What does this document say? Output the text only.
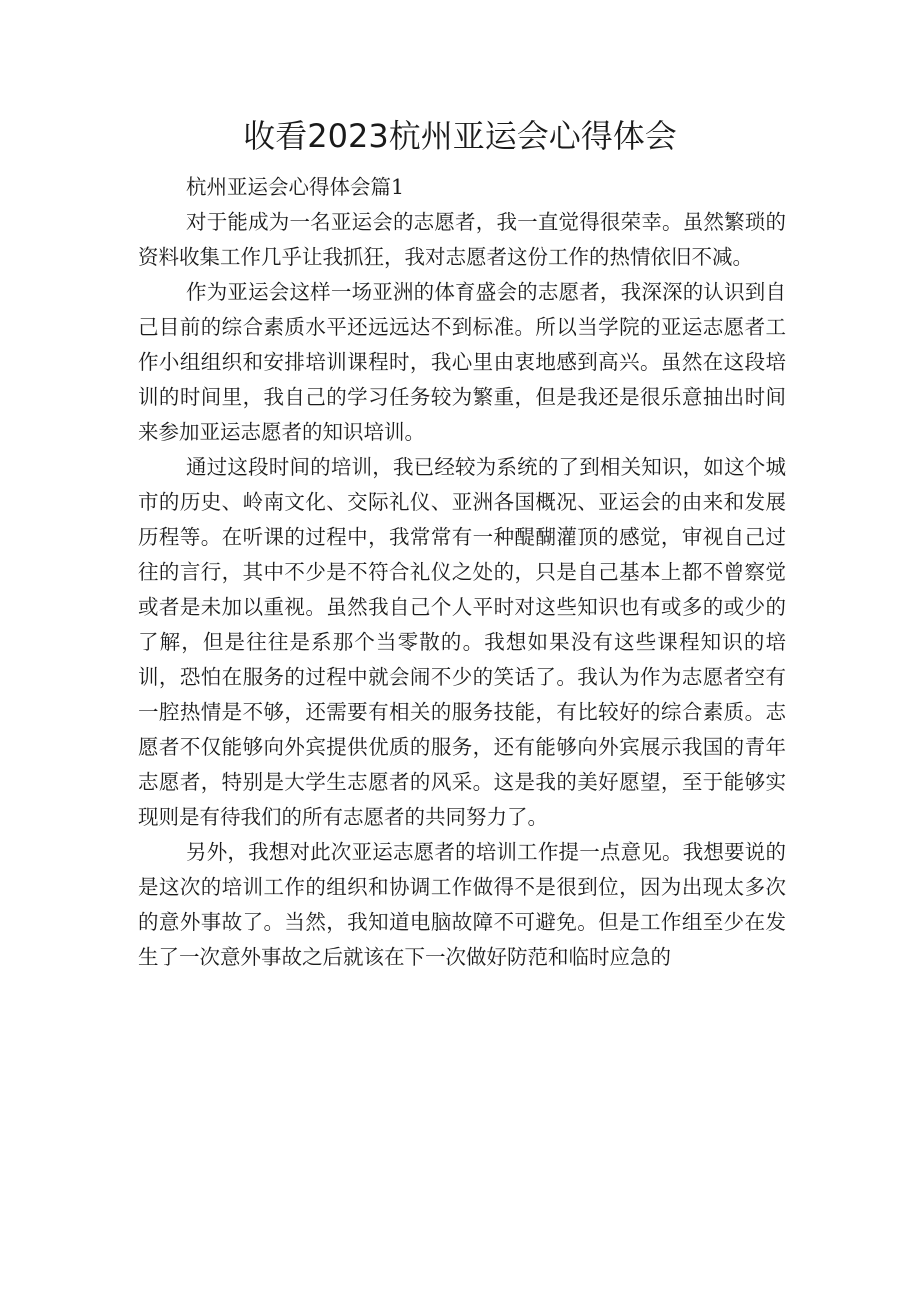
收看2023杭州亚运会心得体会

杭州亚运会心得体会篇1

对于能成为一名亚运会的志愿者，我一直觉得很荣幸。虽然繁琐的资料收集工作几乎让我抓狂，我对志愿者这份工作的热情依旧不减。

作为亚运会这样一场亚洲的体育盛会的志愿者，我深深的认识到自己目前的综合素质水平还远远达不到标准。所以当学院的亚运志愿者工作小组组织和安排培训课程时，我心里由衷地感到高兴。虽然在这段培训的时间里，我自己的学习任务较为繁重，但是我还是很乐意抽出时间来参加亚运志愿者的知识培训。

通过这段时间的培训，我已经较为系统的了到相关知识，如这个城市的历史、岭南文化、交际礼仪、亚洲各国概况、亚运会的由来和发展历程等。在听课的过程中，我常常有一种醍醐灌顶的感觉，审视自己过往的言行，其中不少是不符合礼仪之处的，只是自己基本上都不曾察觉或者是未加以重视。虽然我自己个人平时对这些知识也有或多的或少的了解，但是往往是系那个当零散的。我想如果没有这些课程知识的培训，恐怕在服务的过程中就会闹不少的笑话了。我认为作为志愿者空有一腔热情是不够，还需要有相关的服务技能，有比较好的综合素质。志愿者不仅能够向外宾提供优质的服务，还有能够向外宾展示我国的青年志愿者，特别是大学生志愿者的风采。这是我的美好愿望，至于能够实现则是有待我们的所有志愿者的共同努力了。

另外，我想对此次亚运志愿者的培训工作提一点意见。我想要说的是这次的培训工作的组织和协调工作做得不是很到位，因为出现太多次的意外事故了。当然，我知道电脑故障不可避免。但是工作组至少在发生了一次意外事故之后就该在下一次做好防范和临时应急的
